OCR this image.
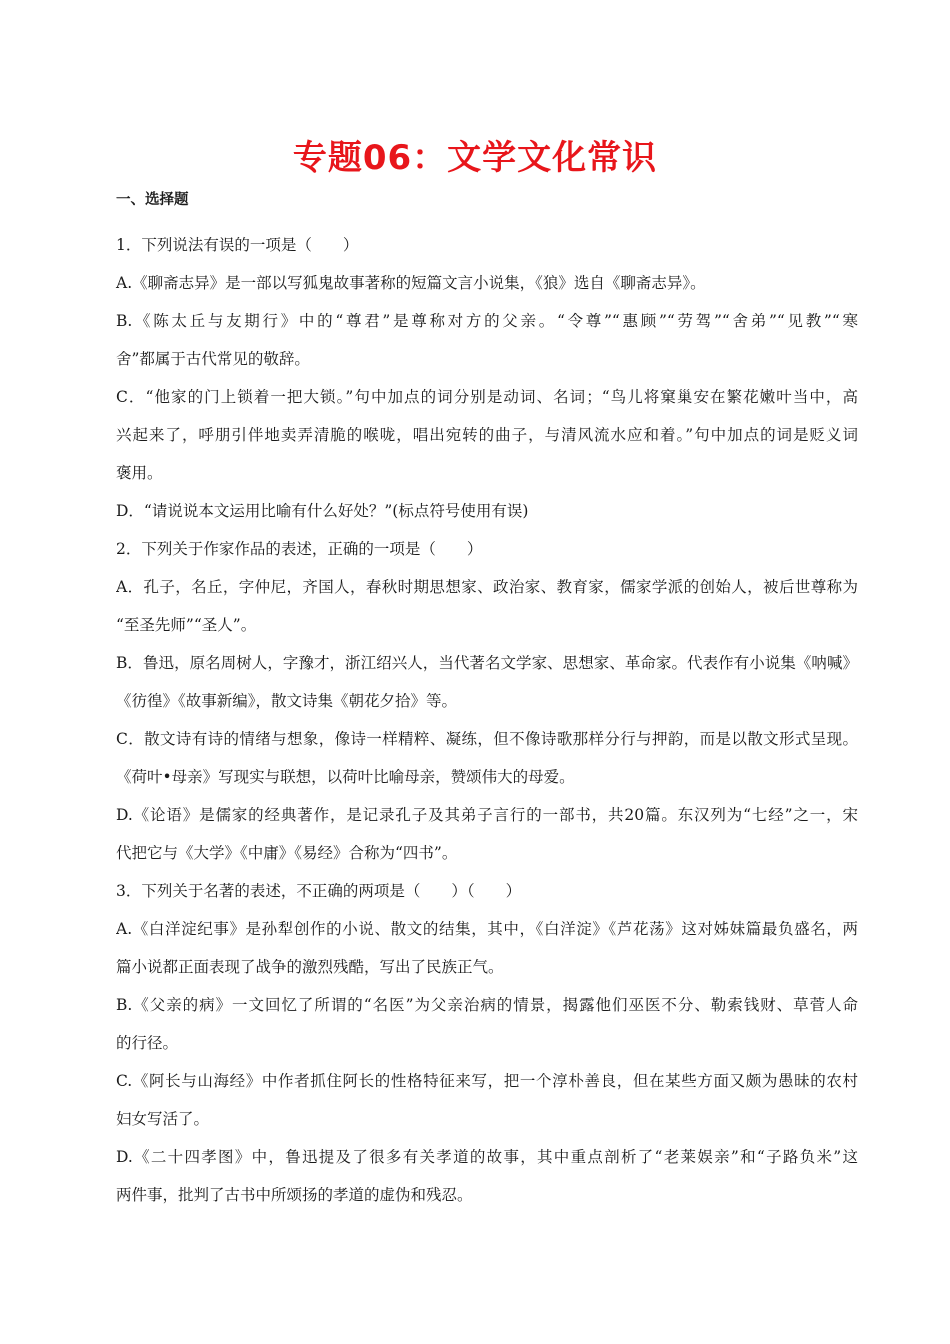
专题06：文学文化常识
一、选择题
1．下列说法有误的一项是（　　）
A.《聊斋志异》是一部以写狐鬼故事著称的短篇文言小说集，《狼》选自《聊斋志异》。
B.《陈太丘与友期行》中的“尊君”是尊称对方的父亲。“令尊”“惠顾”“劳驾”“舍弟”“见教”“寒
舍”都属于古代常见的敬辞。
C．“他家的门上锁着一把大锁。”句中加点的词分别是动词、名词；“鸟儿将窠巢安在繁花嫩叶当中，高
兴起来了，呼朋引伴地卖弄清脆的喉咙，唱出宛转的曲子，与清风流水应和着。”句中加点的词是贬义词
褒用。
D．“请说说本文运用比喻有什么好处？”(标点符号使用有误)
2．下列关于作家作品的表述，正确的一项是（　　）
A．孔子，名丘，字仲尼，齐国人，春秋时期思想家、政治家、教育家，儒家学派的创始人，被后世尊称为
“至圣先师”“圣人”。
B．鲁迅，原名周树人，字豫才，浙江绍兴人，当代著名文学家、思想家、革命家。代表作有小说集《呐喊》
《彷徨》《故事新编》，散文诗集《朝花夕拾》等。
C．散文诗有诗的情绪与想象，像诗一样精粹、凝练，但不像诗歌那样分行与押韵，而是以散文形式呈现。
《荷叶•母亲》写现实与联想，以荷叶比喻母亲，赞颂伟大的母爱。
D.《论语》是儒家的经典著作，是记录孔子及其弟子言行的一部书，共20篇。东汉列为“七经”之一，宋
代把它与《大学》《中庸》《易经》合称为“四书”。
3．下列关于名著的表述，不正确的两项是（　　）（　　）
A.《白洋淀纪事》是孙犁创作的小说、散文的结集，其中，《白洋淀》《芦花荡》这对姊妹篇最负盛名，两
篇小说都正面表现了战争的激烈残酷，写出了民族正气。
B.《父亲的病》一文回忆了所谓的“名医”为父亲治病的情景，揭露他们巫医不分、勒索钱财、草菅人命
的行径。
C.《阿长与山海经》中作者抓住阿长的性格特征来写，把一个淳朴善良，但在某些方面又颇为愚昧的农村
妇女写活了。
D.《二十四孝图》中，鲁迅提及了很多有关孝道的故事，其中重点剖析了“老莱娱亲”和“子路负米”这
两件事，批判了古书中所颂扬的孝道的虚伪和残忍。
